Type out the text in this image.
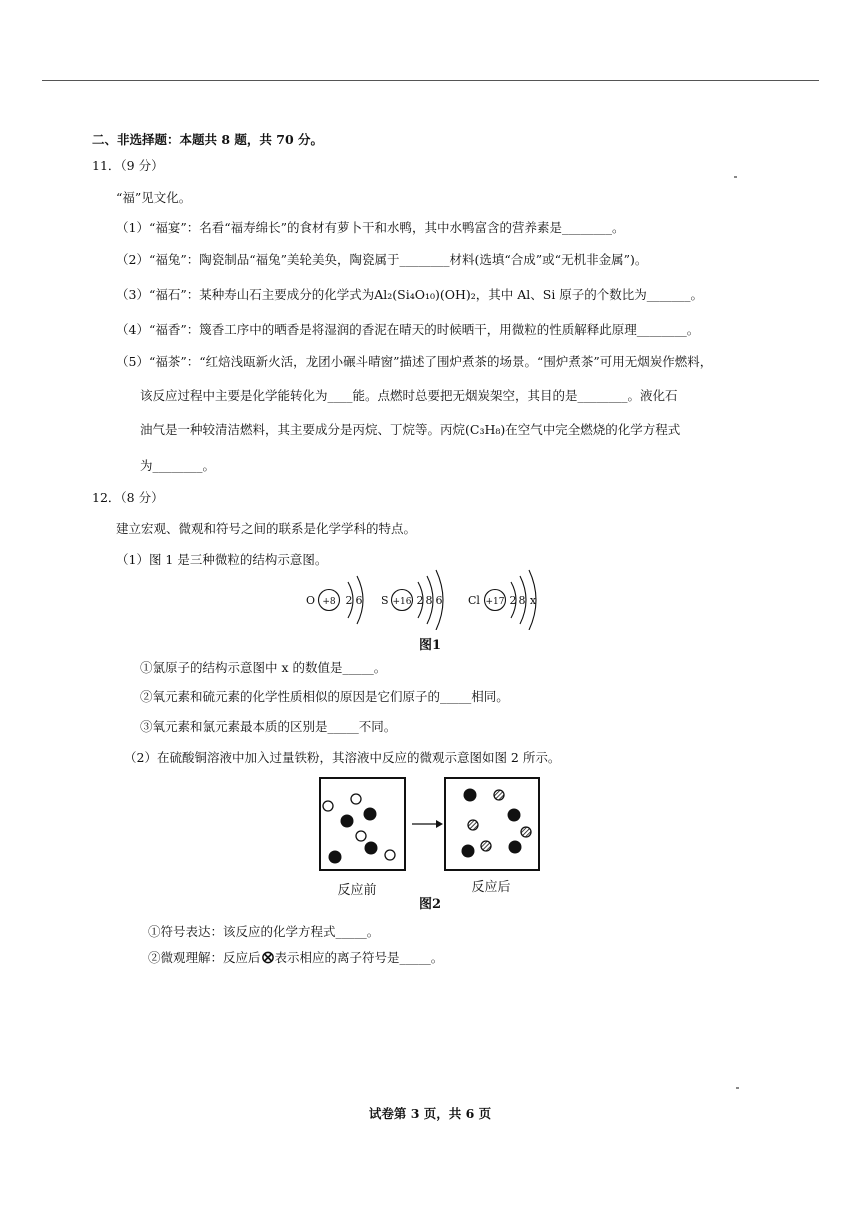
二、非选择题：本题共 8 题，共 70 分。
11．（9 分）
“福”见文化。
（1）“福宴”：名看“福寿绵长”的食材有萝卜干和水鸭，其中水鸭富含的营养素是________。
（2）“福兔”：陶瓷制品“福兔”美轮美奂，陶瓷属于________材料(选填“合成”或“无机非金属”)。
（3）“福石”：某种寿山石主要成分的化学式为Al₂(Si₄O₁₀)(OH)₂，其中 Al、Si 原子的个数比为_______。
（4）“福香”：篾香工序中的晒香是将湿润的香泥在晴天的时候晒干，用微粒的性质解释此原理________。
（5）“福茶”：“红焙浅瓯新火活，龙团小碾斗晴窗”描述了围炉煮茶的场景。“围炉煮茶”可用无烟炭作燃料，
该反应过程中主要是化学能转化为____能。点燃时总要把无烟炭架空，其目的是________。液化石
油气是一种较清洁燃料，其主要成分是丙烷、丁烷等。丙烷(C₃H₈)在空气中完全燃烧的化学方程式
为________。
12．（8 分）
建立宏观、微观和符号之间的联系是化学学科的特点。
（1）图 1 是三种微粒的结构示意图。
O +8 2 6 S +16 2 8 6 Cl +17 2 8 x
图1
①氯原子的结构示意图中 x 的数值是_____。
②氧元素和硫元素的化学性质相似的原因是它们原子的_____相同。
③氧元素和氯元素最本质的区别是_____不同。
（2）在硫酸铜溶液中加入过量铁粉，其溶液中反应的微观示意图如图 2 所示。
反应前	反应后
图2
①符号表达：该反应的化学方程式_____。
②微观理解：反应后 表示相应的离子符号是_____。
试卷第 3 页，共 6 页
